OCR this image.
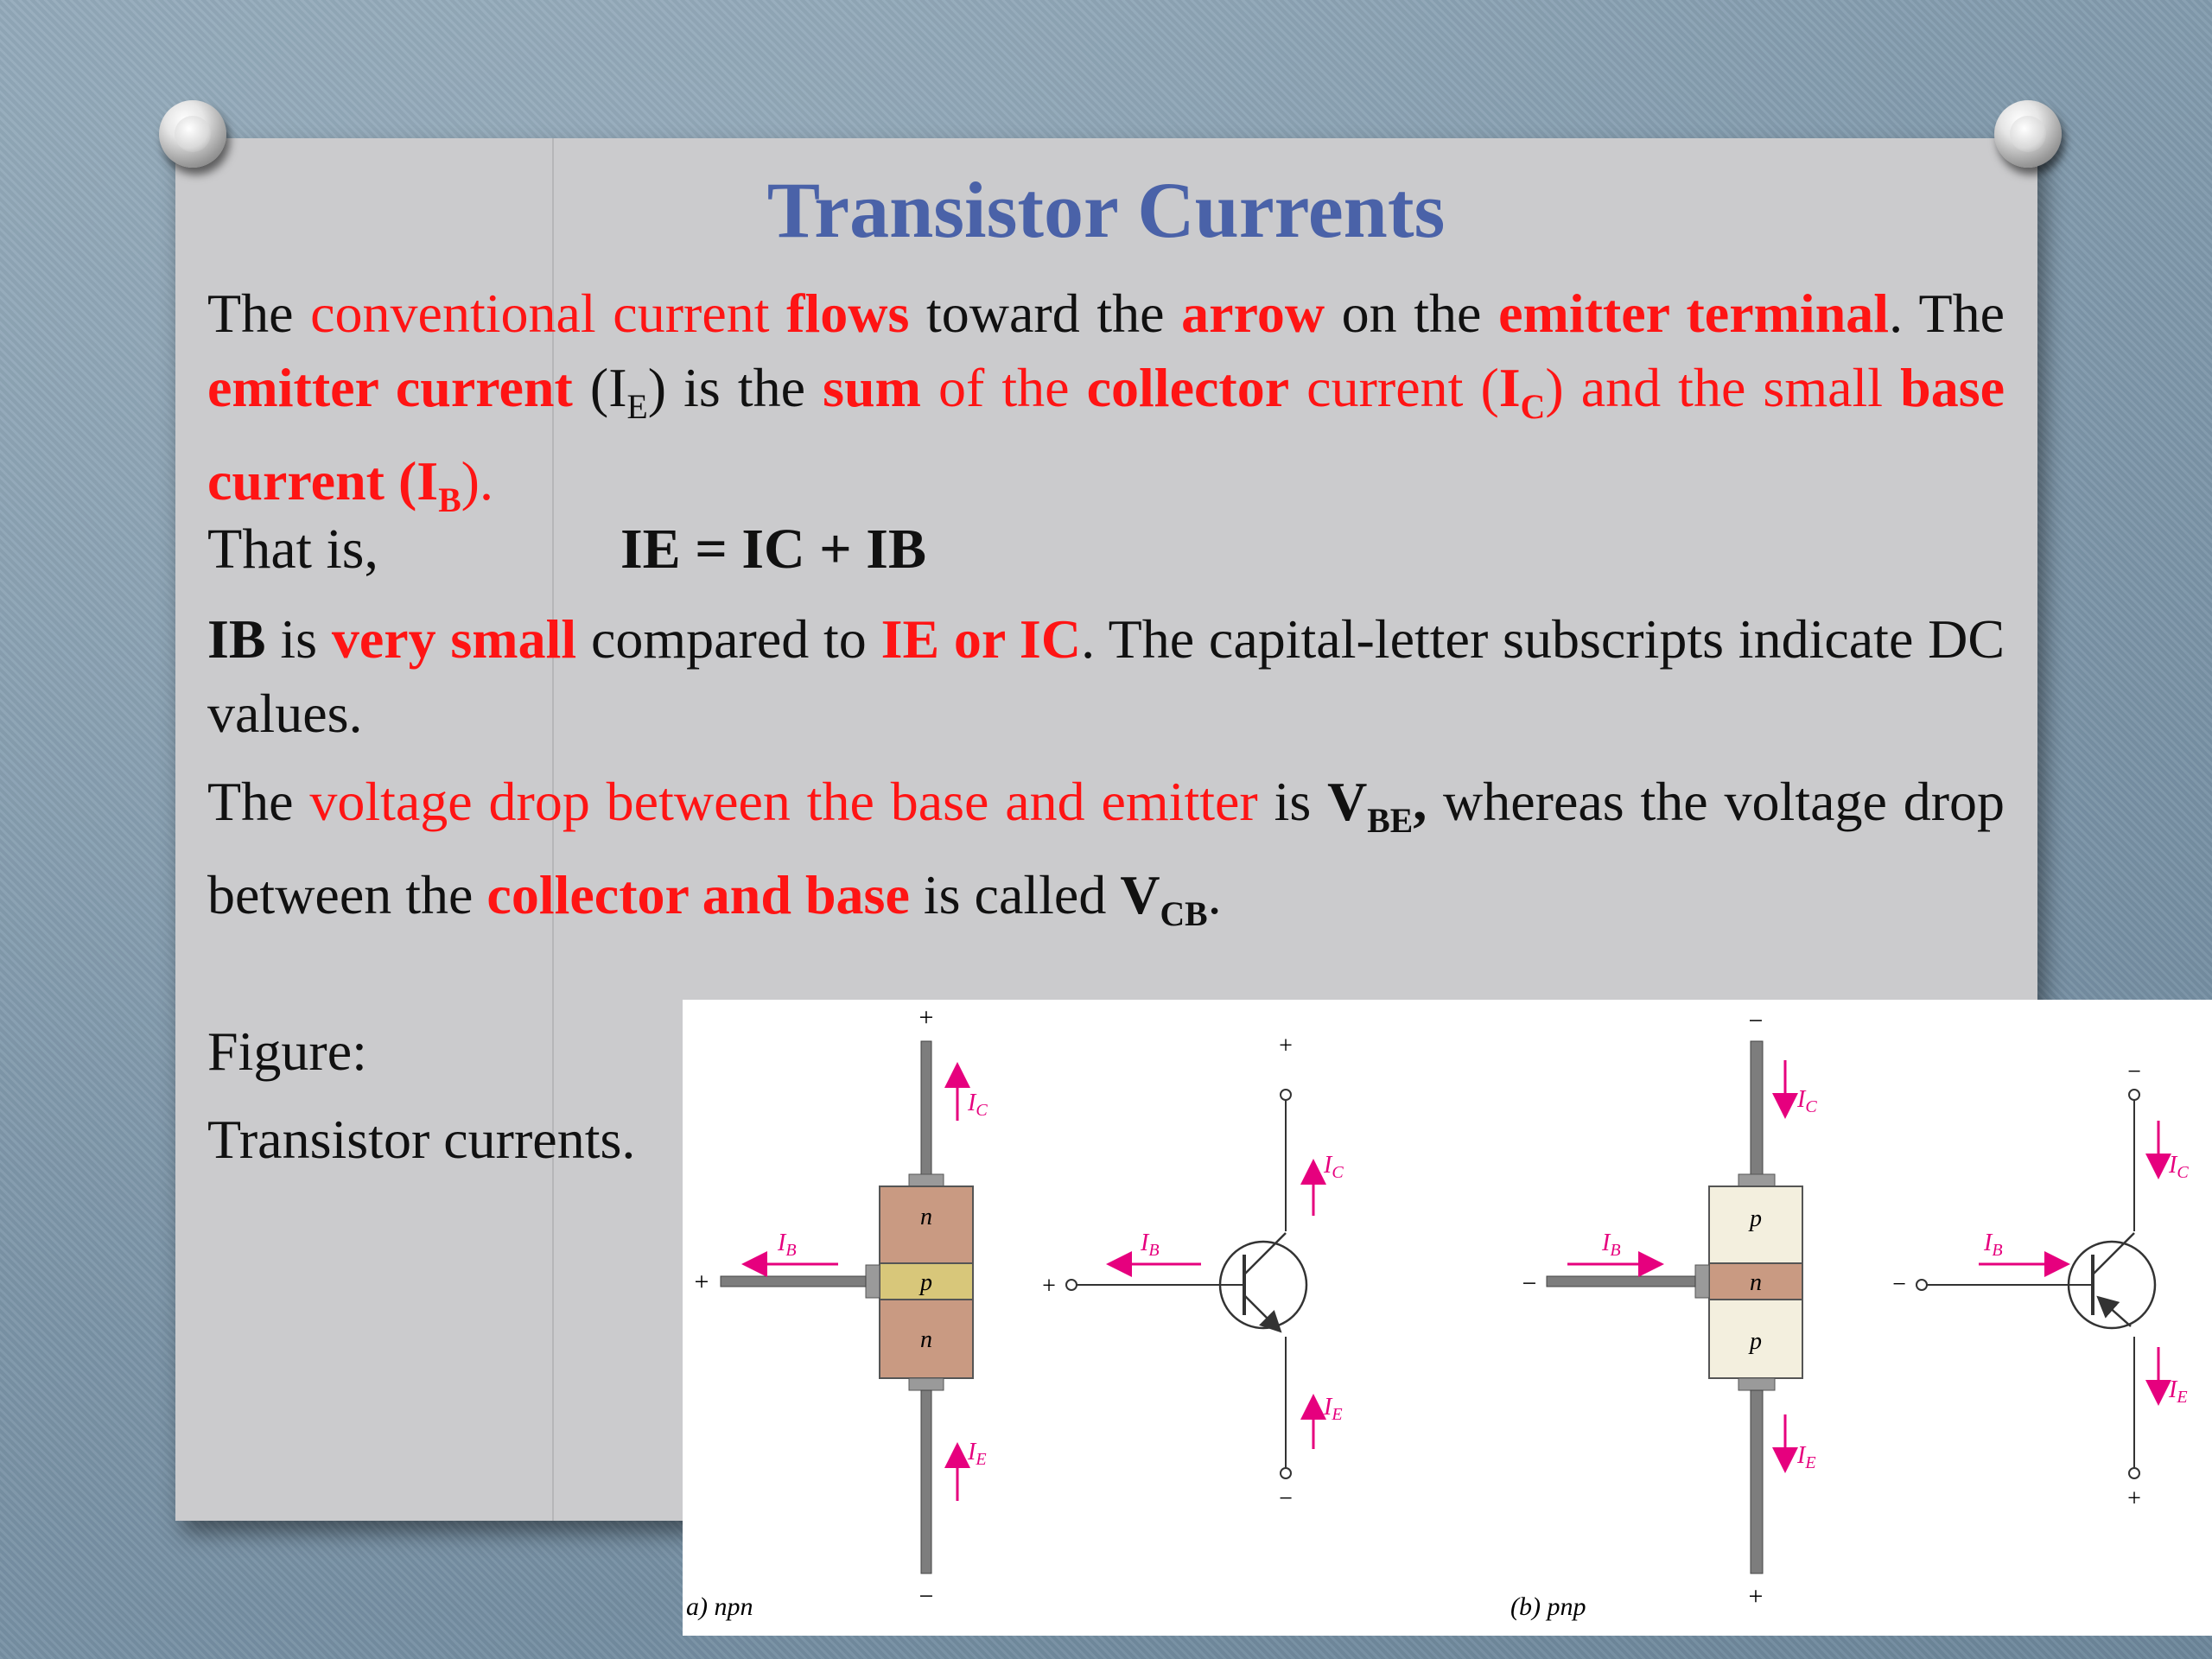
Transistor Currents

The conventional current flows toward the arrow on the emitter terminal. The emitter current $(I_E)$ is the sum of the collector current $(I_C)$ and the small base current $(I_B)$.

That is,	IE = IC + IB

IB is very small compared to IE or IC. The capital-letter subscripts indicate DC values.

The voltage drop between the base and emitter is $V_{BE}$, whereas the voltage drop between the collector and base is called $V_{CB}$.

Figure:

Transistor currents.

n
p
n
+
−
+
$I_C$
$I_B$
$I_E$
+
−
+
$I_C$
$I_B$
$I_E$
p
n
p
−
+
−
$I_C$
$I_B$
$I_E$
−
+
−
$I_C$
$I_B$
$I_E$
a) npn	(b) pnp
